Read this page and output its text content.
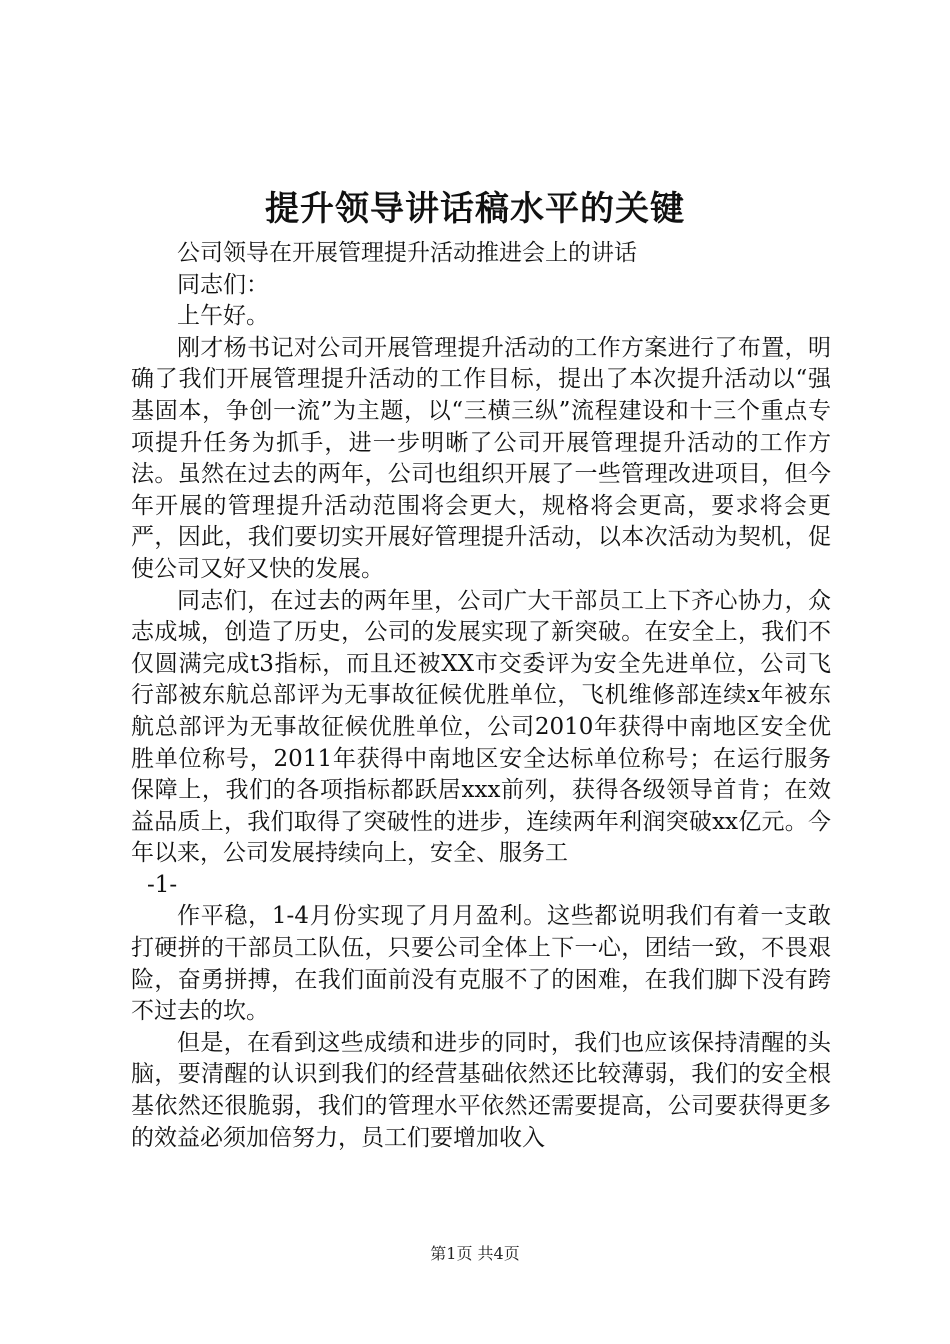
提升领导讲话稿水平的关键

公司领导在开展管理提升活动推进会上的讲话

同志们：

上午好。

刚才杨书记对公司开展管理提升活动的工作方案进行了布置，明确了我们开展管理提升活动的工作目标，提出了本次提升活动以“强基固本，争创一流”为主题，以“三横三纵”流程建设和十三个重点专项提升任务为抓手，进一步明晰了公司开展管理提升活动的工作方法。虽然在过去的两年，公司也组织开展了一些管理改进项目，但今年开展的管理提升活动范围将会更大，规格将会更高，要求将会更严，因此，我们要切实开展好管理提升活动，以本次活动为契机，促使公司又好又快的发展。

同志们，在过去的两年里，公司广大干部员工上下齐心协力，众志成城，创造了历史，公司的发展实现了新突破。在安全上，我们不仅圆满完成t3指标，而且还被XX市交委评为安全先进单位，公司飞行部被东航总部评为无事故征候优胜单位，飞机维修部连续x年被东航总部评为无事故征候优胜单位，公司2010年获得中南地区安全优胜单位称号，2011年获得中南地区安全达标单位称号；在运行服务保障上，我们的各项指标都跃居xxx前列，获得各级领导首肯；在效益品质上，我们取得了突破性的进步，连续两年利润突破xx亿元。今年以来，公司发展持续向上，安全、服务工

-1-

作平稳，1-4月份实现了月月盈利。这些都说明我们有着一支敢打硬拼的干部员工队伍，只要公司全体上下一心，团结一致，不畏艰险，奋勇拼搏，在我们面前没有克服不了的困难，在我们脚下没有跨不过去的坎。

但是，在看到这些成绩和进步的同时，我们也应该保持清醒的头脑，要清醒的认识到我们的经营基础依然还比较薄弱，我们的安全根基依然还很脆弱，我们的管理水平依然还需要提高，公司要获得更多的效益必须加倍努力，员工们要增加收入

第1页 共4页
